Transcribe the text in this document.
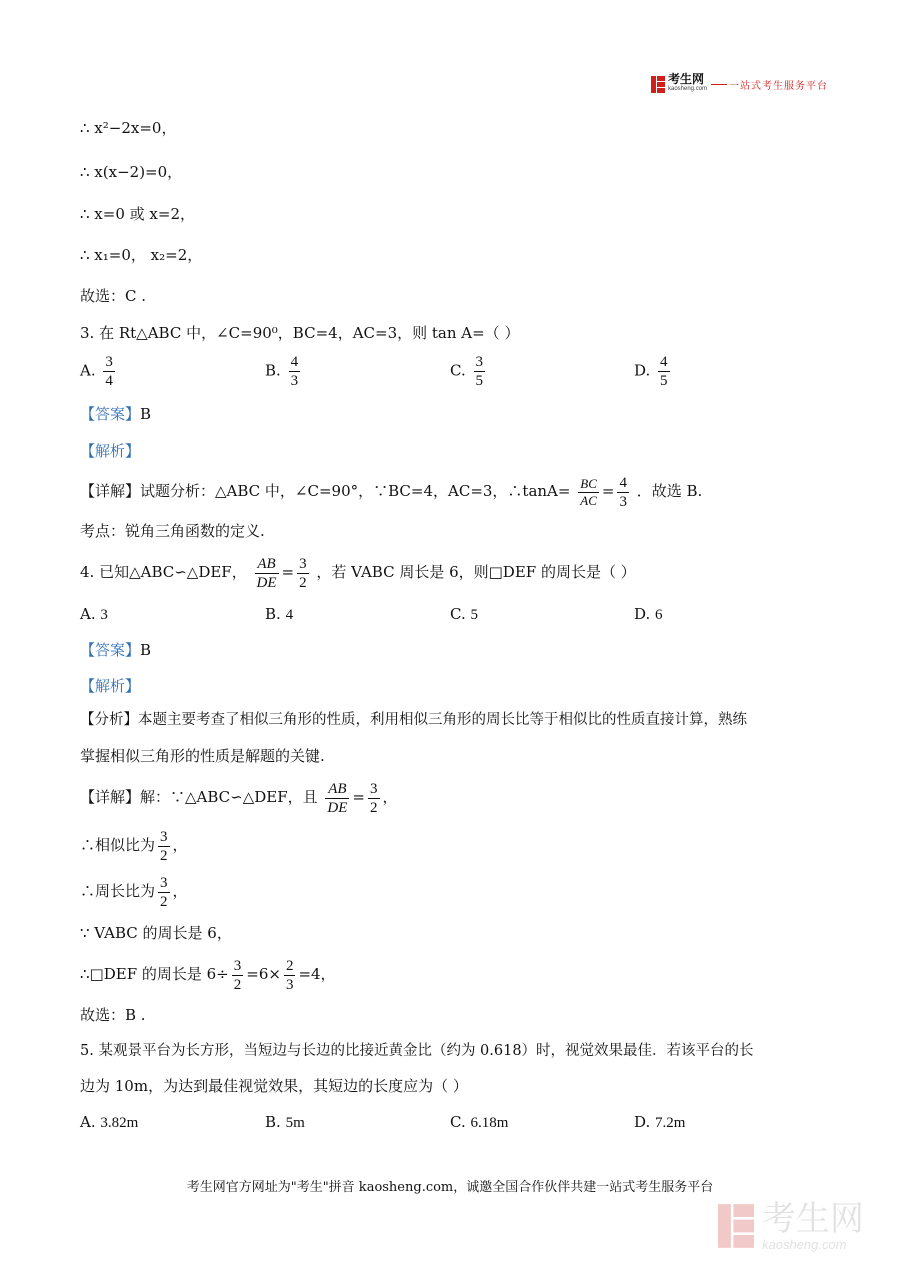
考生网
kaosheng.com 一站式考生服务平台
∴ x²−2x=0，
∴ x(x−2)=0，
∴ x=0 或 x=2，
∴ x₁=0， x₂=2，
故选：C .
3. 在 Rt△ABC 中，∠C=90⁰，BC=4，AC=3，则 tan A=（ ）
A. $\frac{3}{4}$	B. $\frac{4}{3}$	C. $\frac{3}{5}$	D. $\frac{4}{5}$
【答案】B
【解析】
【详解】试题分析：△ABC 中，∠C=90°，∵BC=4，AC=3，∴tanA= $\frac{BC}{AC} = \frac{4}{3}$ ．故选 B.
考点：锐角三角函数的定义.
4. 已知△ABC∽△DEF， $\frac{AB}{DE} = \frac{3}{2}$ ，若 VABC 周长是 6，则□DEF 的周长是（ ）
A. 3	B. 4	C. 5	D. 6
【答案】B
【解析】
【分析】本题主要考查了相似三角形的性质，利用相似三角形的周长比等于相似比的性质直接计算，熟练
掌握相似三角形的性质是解题的关键.
【详解】解：∵△ABC∽△DEF，且 $\frac{AB}{DE} = \frac{3}{2}$ ，
∴相似比为 $\frac{3}{2}$ ，
∴周长比为 $\frac{3}{2}$ ，
∵ VABC 的周长是 6，
∴□DEF 的周长是 $6\div \frac{3}{2} =6\times \frac{2}{3} =4$，
故选：B .
5. 某观景平台为长方形，当短边与长边的比接近黄金比（约为 0.618）时，视觉效果最佳．若该平台的长
边为 10m，为达到最佳视觉效果，其短边的长度应为（ ）
A. 3.82m	B. 5m	C. 6.18m	D. 7.2m
考生网官方网址为"考生"拼音 kaosheng.com，诚邀全国合作伙伴共建一站式考生服务平台
考生网
kaosheng.com
